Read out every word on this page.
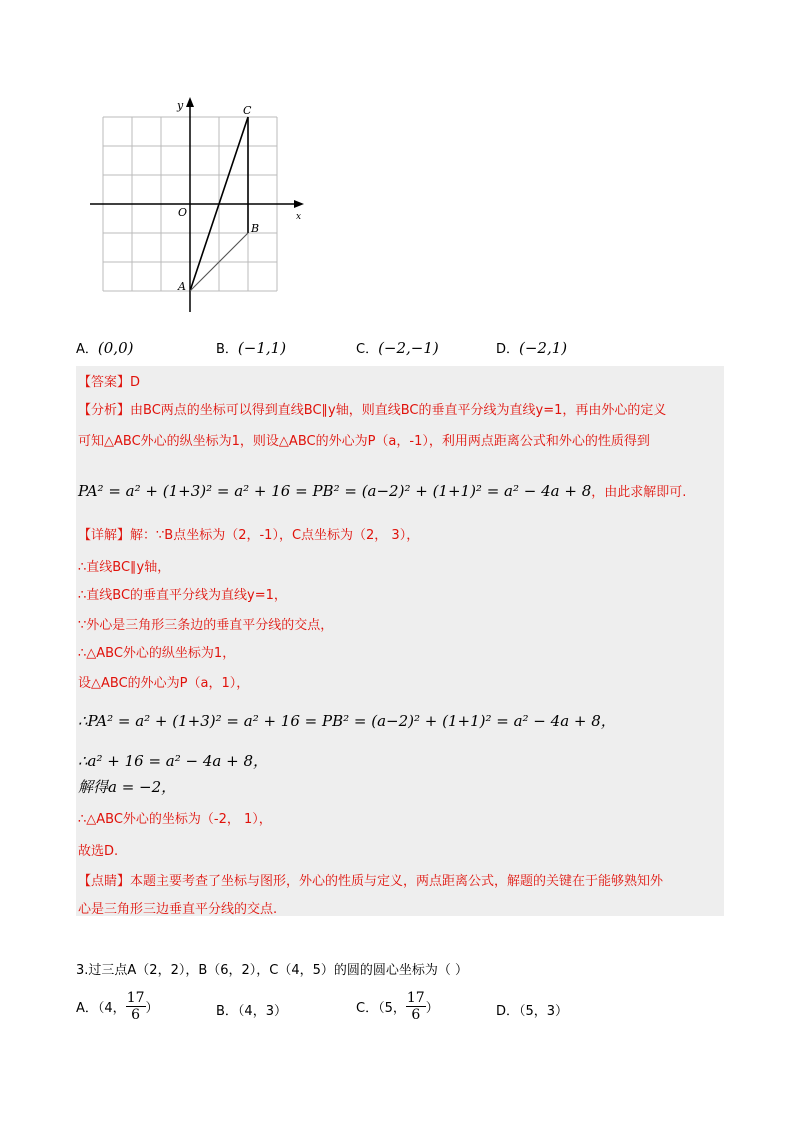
y
x
O
C
B
A
A．(0,0)	B．(−1,1)	C．(−2,−1)	D．(−2,1)
【答案】D
【分析】由BC两点的坐标可以得到直线BC∥y轴，则直线BC的垂直平分线为直线y=1，再由外心的定义
可知△ABC外心的纵坐标为1，则设△ABC的外心为P（a，-1），利用两点距离公式和外心的性质得到
PA² = a² + (1+3)² = a² + 16 = PB² = (a−2)² + (1+1)² = a² − 4a + 8，由此求解即可.
【详解】解：∵B点坐标为（2，-1），C点坐标为（2， 3），
∴直线BC∥y轴，
∴直线BC的垂直平分线为直线y=1，
∵外心是三角形三条边的垂直平分线的交点，
∴△ABC外心的纵坐标为1，
设△ABC的外心为P（a，1），
∴PA² = a² + (1+3)² = a² + 16 = PB² = (a−2)² + (1+1)² = a² − 4a + 8，
∴a² + 16 = a² − 4a + 8，
解得a = −2，
∴△ABC外心的坐标为（-2， 1），
故选D.
【点睛】本题主要考查了坐标与图形，外心的性质与定义，两点距离公式，解题的关键在于能够熟知外
心是三角形三边垂直平分线的交点.
3.过三点A（2，2），B（6，2），C（4，5）的圆的圆心坐标为（ ）
A．（4， $\frac{17}{6}$ ）	B．（4，3）	C．（5， $\frac{17}{6}$ ）	D．（5，3）
